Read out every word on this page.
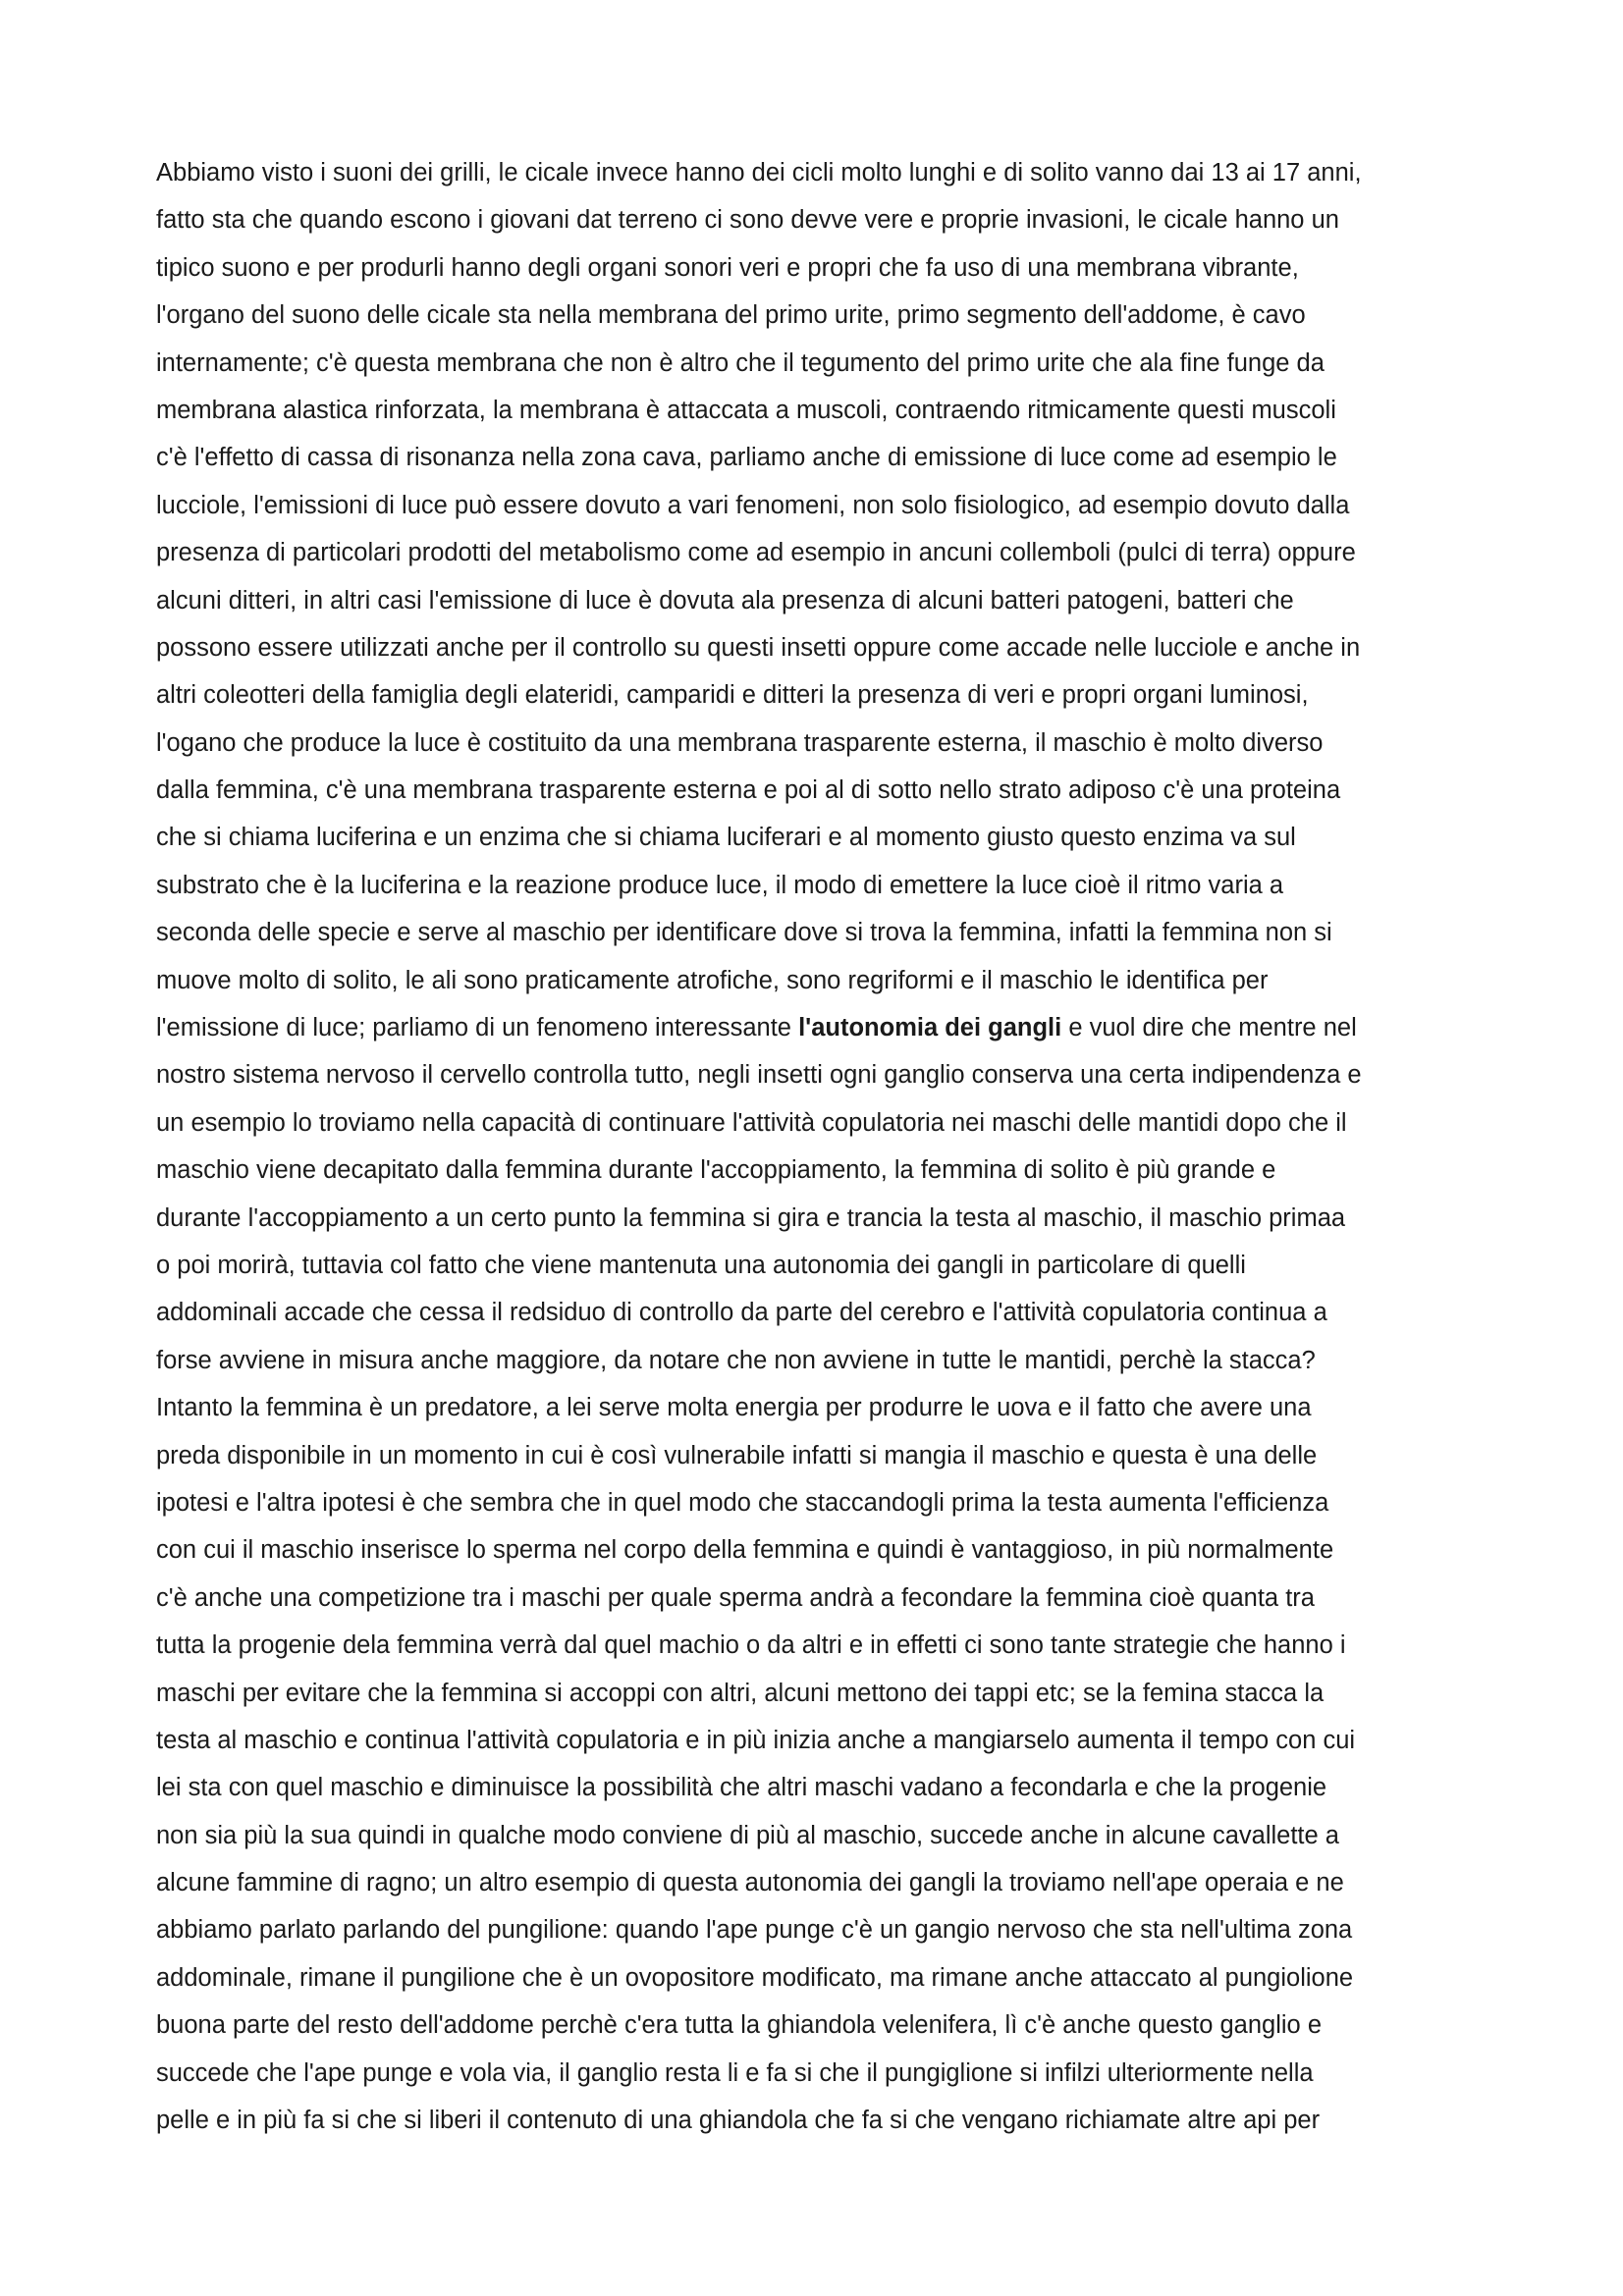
Abbiamo visto i suoni dei grilli, le cicale invece hanno dei cicli molto lunghi e di solito vanno dai 13 ai 17 anni,
fatto sta che quando escono i giovani dat terreno ci sono devve vere e proprie invasioni, le cicale hanno un
tipico suono e per produrli hanno degli organi sonori veri e propri che fa uso di una membrana vibrante,
l'organo del suono delle cicale sta nella membrana del primo urite, primo segmento dell'addome, è cavo
internamente; c'è questa membrana che non è altro che il tegumento del primo urite che ala fine funge da
membrana alastica rinforzata, la membrana è attaccata a muscoli, contraendo ritmicamente questi muscoli
c'è l'effetto di cassa di risonanza nella zona cava, parliamo anche di emissione di luce come ad esempio le
lucciole, l'emissioni di luce può essere dovuto a vari fenomeni, non solo fisiologico, ad esempio dovuto dalla
presenza di particolari prodotti del metabolismo come ad esempio in ancuni collemboli (pulci di terra) oppure
alcuni ditteri, in altri casi l'emissione di luce è dovuta ala presenza di alcuni batteri patogeni, batteri che
possono essere utilizzati anche per il controllo su questi insetti oppure come accade nelle lucciole e anche in
altri coleotteri della famiglia degli elateridi, camparidi e ditteri la presenza di veri e propri organi luminosi,
l'ogano che produce la luce è costituito da una membrana trasparente esterna, il maschio è molto diverso
dalla femmina, c'è una membrana trasparente esterna e poi al di sotto nello strato adiposo c'è una proteina
che si chiama luciferina e un enzima che si chiama luciferari e al momento giusto questo enzima va sul
substrato che è la luciferina e la reazione produce luce, il modo di emettere la luce cioè il ritmo varia a
seconda delle specie e serve al maschio per identificare dove si trova la femmina, infatti la femmina non si
muove molto di solito, le ali sono praticamente atrofiche, sono regriformi e il maschio le identifica per
l'emissione di luce; parliamo di un fenomeno interessante l'autonomia dei gangli e vuol dire che mentre nel
nostro sistema nervoso il cervello controlla tutto, negli insetti ogni ganglio conserva una certa indipendenza e
un esempio lo troviamo nella capacità di continuare l'attività copulatoria nei maschi delle mantidi dopo che il
maschio viene decapitato dalla femmina durante l'accoppiamento, la femmina di solito è più grande e
durante l'accoppiamento a un certo punto la femmina si gira e trancia la testa al maschio, il maschio primaa
o poi morirà, tuttavia col fatto che viene mantenuta una autonomia dei gangli in particolare di quelli
addominali accade che cessa il redsiduo di controllo da parte del cerebro e l'attività copulatoria continua a
forse avviene in misura anche maggiore, da notare che non avviene in tutte le mantidi, perchè la stacca?
Intanto la femmina è un predatore, a lei serve molta energia per produrre le uova e il fatto che avere una
preda disponibile in un momento in cui è così vulnerabile infatti si mangia il maschio e questa è una delle
ipotesi e l'altra ipotesi è che sembra che in quel modo che staccandogli prima la testa aumenta l'efficienza
con cui il maschio inserisce lo sperma nel corpo della femmina e quindi è vantaggioso, in più normalmente
c'è anche una competizione tra i maschi per quale sperma andrà a fecondare la femmina cioè quanta tra
tutta la progenie dela femmina verrà dal quel machio o da altri e in effetti ci sono tante strategie che hanno i
maschi per evitare che la femmina si accoppi con altri, alcuni mettono dei tappi etc; se la femina stacca la
testa al maschio e continua l'attività copulatoria e in più inizia anche a mangiarselo aumenta il tempo con cui
lei sta con quel maschio e diminuisce la possibilità che altri maschi vadano a fecondarla e che la progenie
non sia più la sua quindi in qualche modo conviene di più al maschio, succede anche in alcune cavallette a
alcune fammine di ragno; un altro esempio di questa autonomia dei gangli la troviamo nell'ape operaia e ne
abbiamo parlato parlando del pungilione: quando l'ape punge c'è un gangio nervoso che sta nell'ultima zona
addominale, rimane il pungilione che è un ovopositore modificato, ma rimane anche attaccato al pungiolione
buona parte del resto dell'addome perchè c'era tutta la ghiandola velenifera, lì c'è anche questo ganglio e
succede che l'ape punge e vola via, il ganglio resta li e fa si che il pungiglione si infilzi ulteriormente nella
pelle e in più fa si che si liberi il contenuto di una ghiandola che fa si che vengano richiamate altre api per
